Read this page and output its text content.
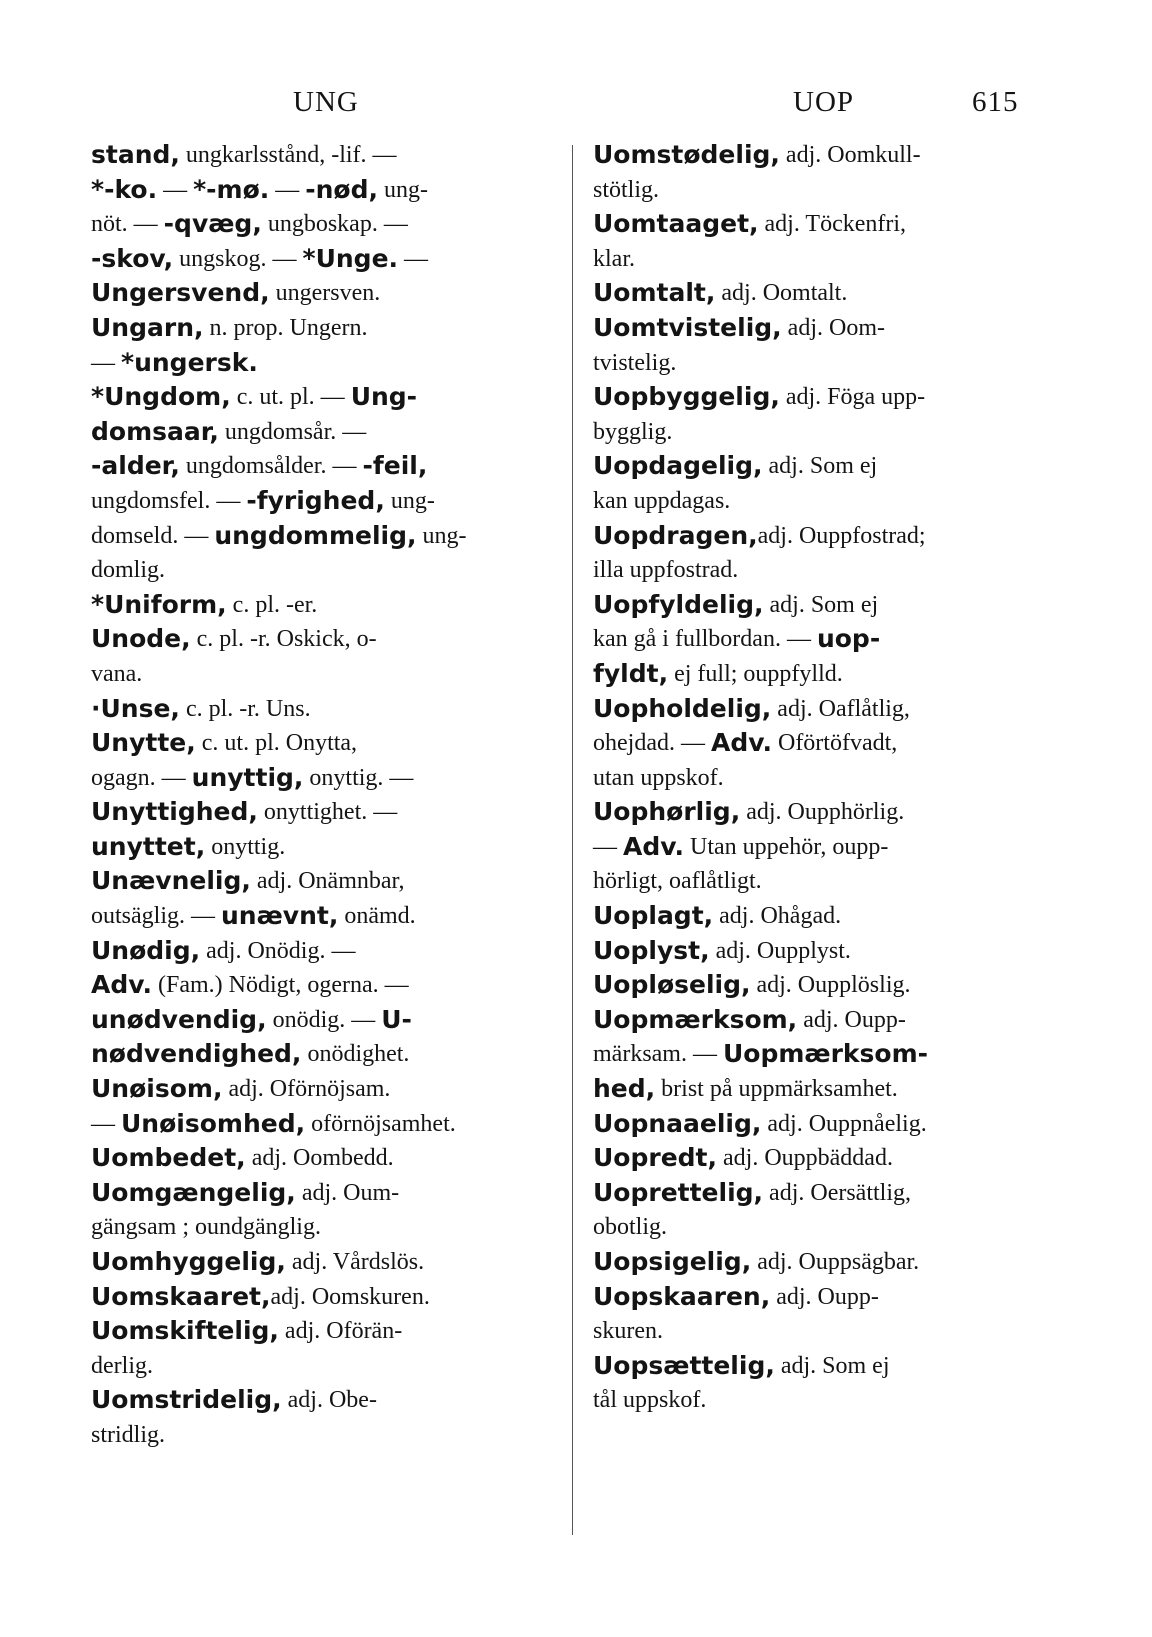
UNG	UOP	615
stand, ungkarlsstånd, -lif. —
*-ko. — *-mø. — -nød, ung-
nöt. — -qvæg, ungboskap. —
-skov, ungskog. — *Unge. —
Ungersvend, ungersven.
Ungarn, n. prop. Ungern.
— *ungersk.
*Ungdom, c. ut. pl. — Ung-
domsaar, ungdomsår. —
-alder, ungdomsålder. — -feil,
ungdomsfel. — -fyrighed, ung-
domseld. — ungdommelig, ung-
domlig.
*Uniform, c. pl. -er.
Unode, c. pl. -r. Oskick, o-
vana.
·Unse, c. pl. -r. Uns.
Unytte, c. ut. pl. Onytta,
ogagn. — unyttig, onyttig. —
Unyttighed, onyttighet. —
unyttet, onyttig.
Unævnelig, adj. Onämnbar,
outsäglig. — unævnt, onämd.
Unødig, adj. Onödig. —
Adv. (Fam.) Nödigt, ogerna. —
unødvendig, onödig. — U-
nødvendighed, onödighet.
Unøisom, adj. Oförnöjsam.
— Unøisomhed, oförnöjsamhet.
Uombedet, adj. Oombedd.
Uomgængelig, adj. Oum-
gängsam ; oundgänglig.
Uomhyggelig, adj. Vårdslös.
Uomskaaret, adj. Oomskuren.
Uomskiftelig, adj. Oförän-
derlig.
Uomstridelig, adj. Obe-
stridlig.
Uomstødelig, adj. Oomkull-
stötlig.
Uomtaaget, adj. Töckenfri,
klar.
Uomtalt, adj. Oomtalt.
Uomtvistelig, adj. Oom-
tvistelig.
Uopbyggelig, adj. Föga upp-
bygglig.
Uopdagelig, adj. Som ej
kan uppdagas.
Uopdragen, adj. Ouppfostrad;
illa uppfostrad.
Uopfyldelig, adj. Som ej
kan gå i fullbordan. — uop-
fyldt, ej full; ouppfylld.
Uopholdelig, adj. Oaflåtlig,
ohejdad. — Adv. Oförtöfvadt,
utan uppskof.
Uophørlig, adj. Oupphörlig.
— Adv. Utan uppehör, oupp-
hörligt, oaflåtligt.
Uoplagt, adj. Ohågad.
Uoplyst, adj. Oupplyst.
Uopløselig, adj. Oupplöslig.
Uopmærksom, adj. Oupp-
märksam. — Uopmærksom-
hed, brist på uppmärksamhet.
Uopnaaelig, adj. Ouppnåelig.
Uopredt, adj. Ouppbäddad.
Uoprettelig, adj. Oersättlig,
obotlig.
Uopsigelig, adj. Ouppsägbar.
Uopskaaren, adj. Oupp-
skuren.
Uopsættelig, adj. Som ej
tål uppskof.
